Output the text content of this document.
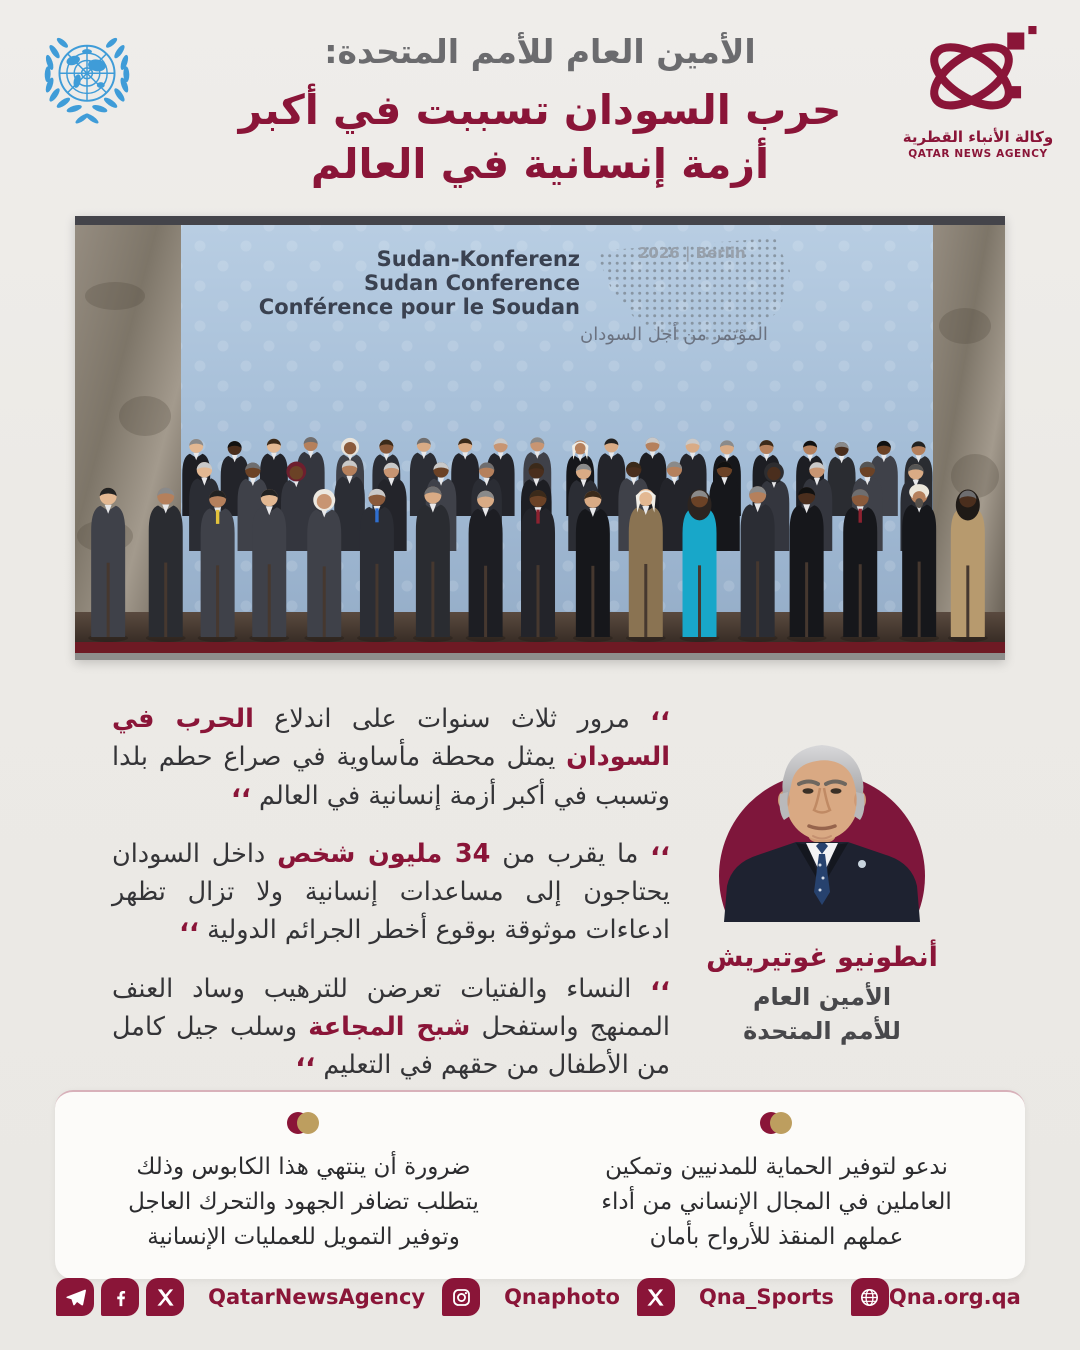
الأمين العام للأمم المتحدة:
حرب السودان تسببت في أكبر
أزمة إنسانية في العالم
وكالة الأنباء القطرية
QATAR NEWS AGENCY
2026 | Berlin
Sudan-Konferenz
Sudan Conference
Conférence pour le Soudan
المؤتمر من أجل السودان

،، مرور ثلاث سنوات على اندلاع الحرب في السودان يمثل محطة مأساوية في صراع حطم بلدا وتسبب في أكبر أزمة إنسانية في العالم ،،

،، ما يقرب من 34 مليون شخص داخل السودان يحتاجون إلى مساعدات إنسانية ولا تزال تظهر ادعاءات موثوقة بوقوع أخطر الجرائم الدولية ،،

،، النساء والفتيات تعرضن للترهيب وساد العنف الممنهج واستفحل شبح المجاعة وسلب جيل كامل من الأطفال من حقهم في التعليم ،،

أنطونيو غوتيريش
الأمين العام
للأمم المتحدة

ندعو لتوفير الحماية للمدنيين وتمكين العاملين في المجال الإنساني من أداء عملهم المنقذ للأرواح بأمان

ضرورة أن ينتهي هذا الكابوس وذلك يتطلب تضافر الجهود والتحرك العاجل وتوفير التمويل للعمليات الإنسانية

QatarNewsAgency	Qnaphoto	Qna_Sports	Qna.org.qa
